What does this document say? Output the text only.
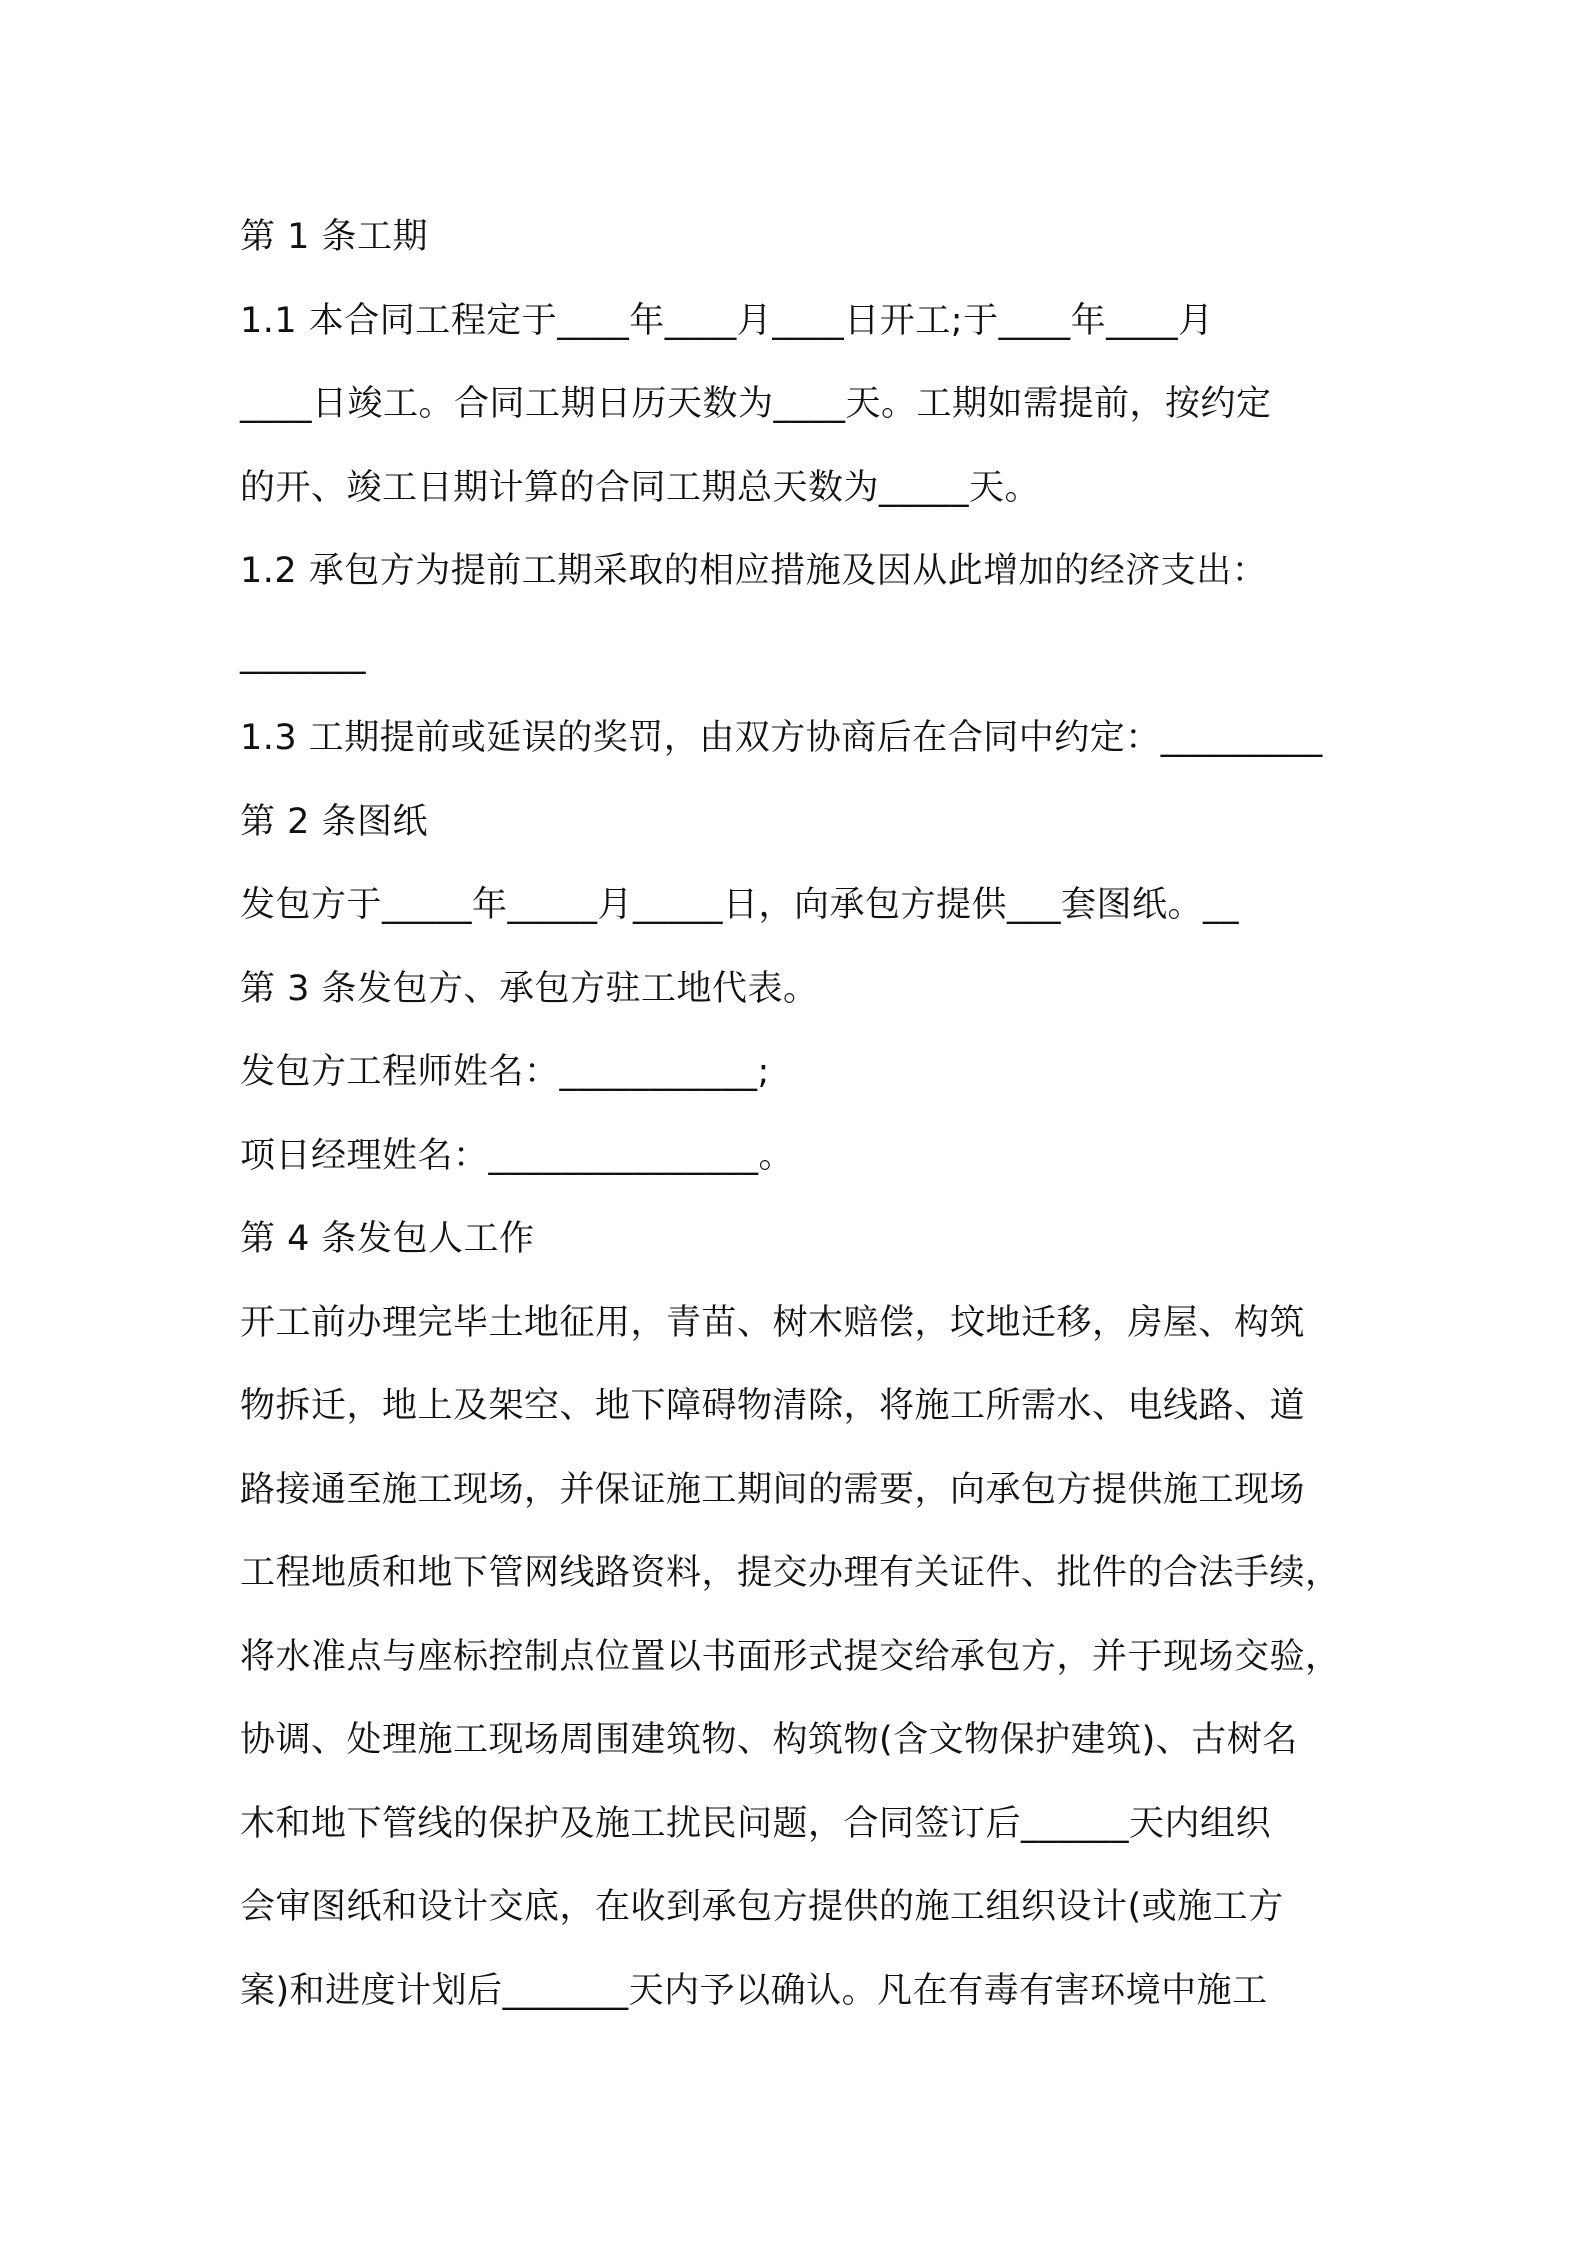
第 1 条工期
1.1 本合同工程定于____年____月____日开工;于____年____月
____日竣工。合同工期日历天数为____天。工期如需提前，按约定
的开、竣工日期计算的合同工期总天数为_____天。
1.2 承包方为提前工期采取的相应措施及因从此增加的经济支出：
_______
1.3 工期提前或延误的奖罚，由双方协商后在合同中约定：_________
第 2 条图纸
发包方于_____年_____月_____日，向承包方提供___套图纸。__
第 3 条发包方、承包方驻工地代表。
发包方工程师姓名：___________;
项日经理姓名：_______________。
第 4 条发包人工作
开工前办理完毕土地征用，青苗、树木赔偿，坟地迁移，房屋、构筑
物拆迁，地上及架空、地下障碍物清除，将施工所需水、电线路、道
路接通至施工现场，并保证施工期间的需要，向承包方提供施工现场
工程地质和地下管网线路资料，提交办理有关证件、批件的合法手续，
将水准点与座标控制点位置以书面形式提交给承包方，并于现场交验，
协调、处理施工现场周围建筑物、构筑物(含文物保护建筑)、古树名
木和地下管线的保护及施工扰民问题，合同签订后______天内组织
会审图纸和设计交底，在收到承包方提供的施工组织设计(或施工方
案)和进度计划后_______天内予以确认。凡在有毒有害环境中施工
